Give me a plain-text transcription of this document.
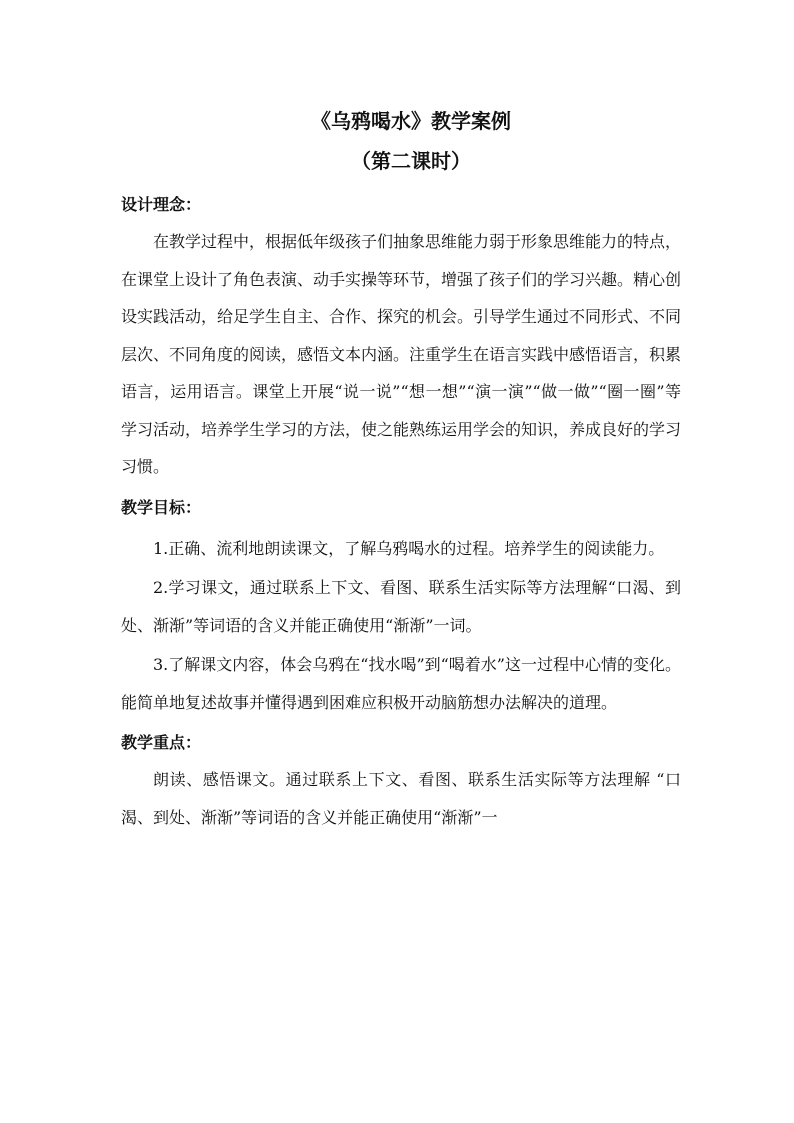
《乌鸦喝水》教学案例
（第二课时）
设计理念：

在教学过程中，根据低年级孩子们抽象思维能力弱于形象思维能力的特点，在课堂上设计了角色表演、动手实操等环节，增强了孩子们的学习兴趣。精心创设实践活动，给足学生自主、合作、探究的机会。引导学生通过不同形式、不同层次、不同角度的阅读，感悟文本内涵。注重学生在语言实践中感悟语言，积累语言，运用语言。课堂上开展“说一说”“想一想”“演一演”“做一做”“圈一圈”等学习活动，培养学生学习的方法，使之能熟练运用学会的知识，养成良好的学习习惯。

教学目标：

1.正确、流利地朗读课文，了解乌鸦喝水的过程。培养学生的阅读能力。

2.学习课文，通过联系上下文、看图、联系生活实际等方法理解“口渴、到处、渐渐”等词语的含义并能正确使用“渐渐”一词。

3.了解课文内容，体会乌鸦在“找水喝”到“喝着水”这一过程中心情的变化。能简单地复述故事并懂得遇到困难应积极开动脑筋想办法解决的道理。

教学重点：

朗读、感悟课文。通过联系上下文、看图、联系生活实际等方法理解 “口渴、到处、渐渐”等词语的含义并能正确使用“渐渐”一
